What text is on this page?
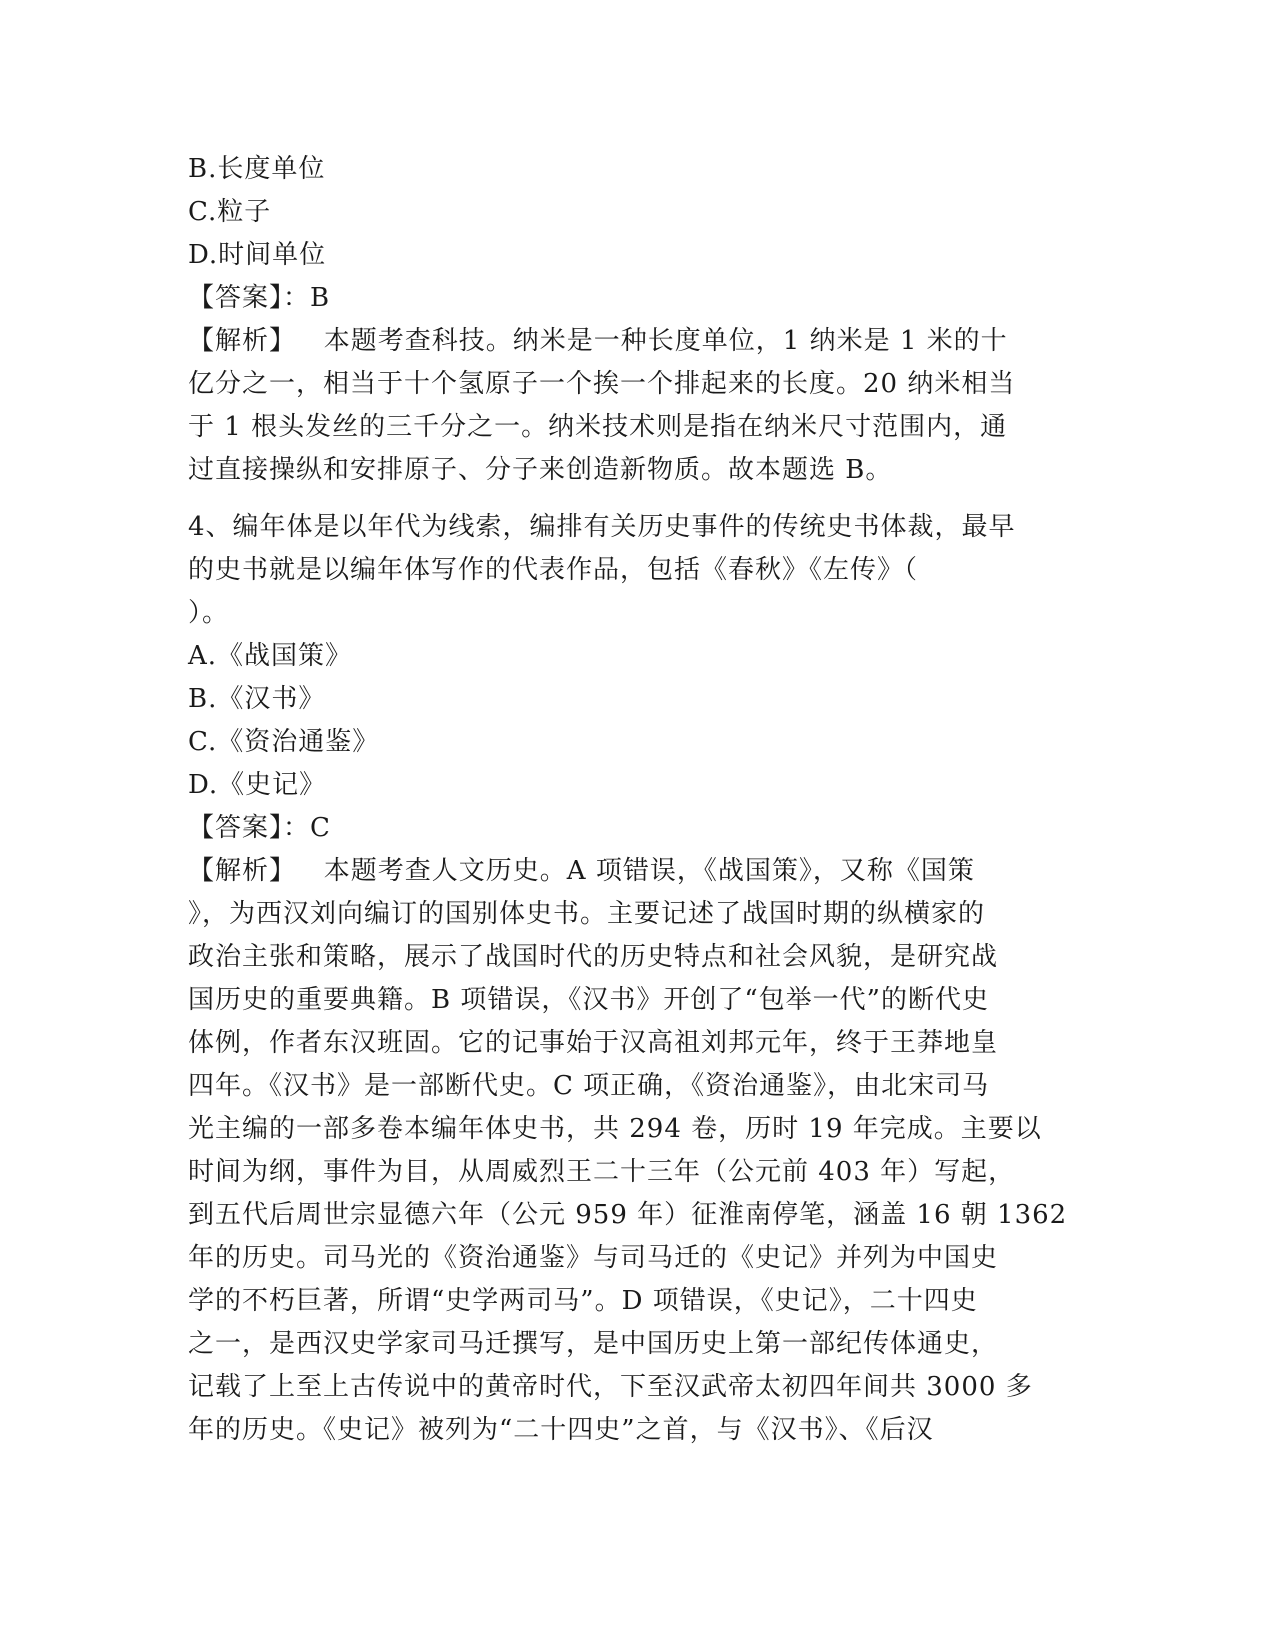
B.长度单位
C.粒子
D.时间单位
【答案】：B
【解析】   本题考查科技。纳米是一种长度单位，1 纳米是 1 米的十
亿分之一，相当于十个氢原子一个挨一个排起来的长度。20 纳米相当
于 1 根头发丝的三千分之一。纳米技术则是指在纳米尺寸范围内，通
过直接操纵和安排原子、分子来创造新物质。故本题选 B。
4、编年体是以年代为线索，编排有关历史事件的传统史书体裁，最早
的史书就是以编年体写作的代表作品，包括《春秋》《左传》（
）。
A.《战国策》
B.《汉书》
C.《资治通鉴》
D.《史记》
【答案】：C
【解析】   本题考查人文历史。A 项错误，《战国策》，又称《国策
》，为西汉刘向编订的国别体史书。主要记述了战国时期的纵横家的
政治主张和策略，展示了战国时代的历史特点和社会风貌，是研究战
国历史的重要典籍。B 项错误，《汉书》开创了“包举一代”的断代史
体例，作者东汉班固。它的记事始于汉高祖刘邦元年，终于王莽地皇
四年。《汉书》是一部断代史。C 项正确，《资治通鉴》，由北宋司马
光主编的一部多卷本编年体史书，共 294 卷，历时 19 年完成。主要以
时间为纲，事件为目，从周威烈王二十三年（公元前 403 年）写起，
到五代后周世宗显德六年（公元 959 年）征淮南停笔，涵盖 16 朝 1362
年的历史。司马光的《资治通鉴》与司马迁的《史记》并列为中国史
学的不朽巨著，所谓“史学两司马”。D 项错误，《史记》，二十四史
之一，是西汉史学家司马迁撰写，是中国历史上第一部纪传体通史，
记载了上至上古传说中的黄帝时代，下至汉武帝太初四年间共 3000 多
年的历史。《史记》被列为“二十四史”之首，与《汉书》、《后汉
